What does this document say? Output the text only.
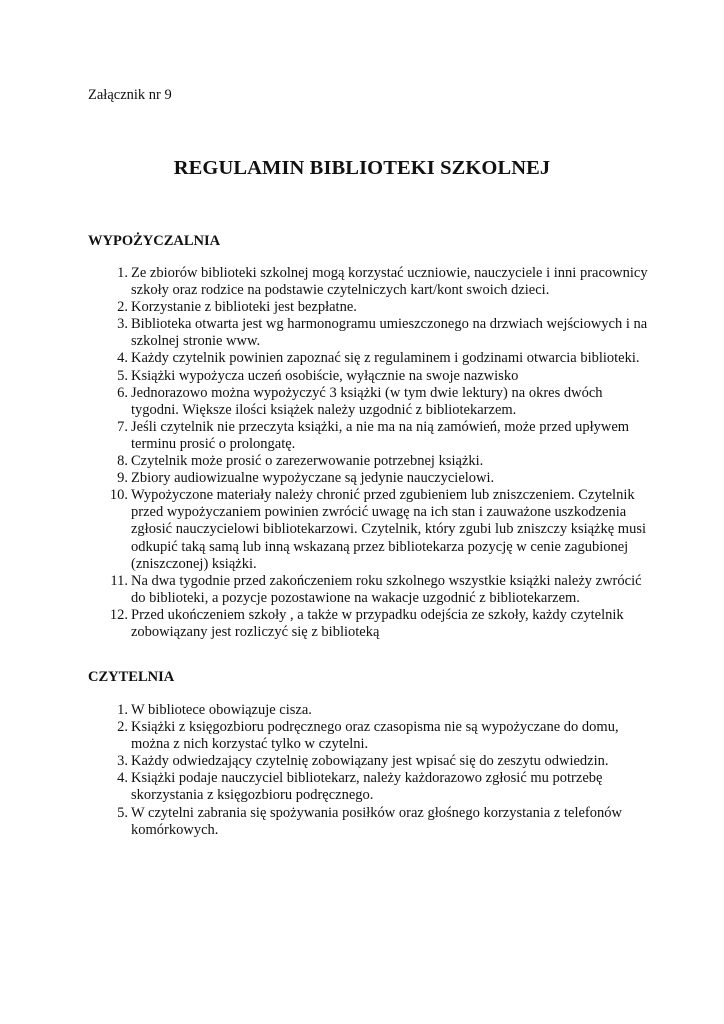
Załącznik nr 9

REGULAMIN BIBLIOTEKI SZKOLNEJ
WYPOŻYCZALNIA
1. Ze zbiorów biblioteki szkolnej mogą korzystać uczniowie, nauczyciele i inni pracownicy szkoły oraz rodzice na podstawie czytelniczych kart/kont swoich dzieci.
2. Korzystanie z biblioteki jest bezpłatne.
3. Biblioteka otwarta jest wg harmonogramu umieszczonego na drzwiach wejściowych i na szkolnej stronie www.
4. Każdy czytelnik powinien zapoznać się z regulaminem i godzinami otwarcia biblioteki.
5. Książki wypożycza uczeń osobiście, wyłącznie na swoje nazwisko
6. Jednorazowo można wypożyczyć 3 książki (w tym dwie lektury) na okres dwóch tygodni. Większe ilości książek należy uzgodnić z bibliotekarzem.
7. Jeśli czytelnik nie przeczyta książki, a nie ma na nią zamówień, może przed upływem terminu prosić o prolongatę.
8. Czytelnik może prosić o zarezerwowanie potrzebnej książki.
9. Zbiory audiowizualne wypożyczane są jedynie nauczycielowi.
10. Wypożyczone materiały należy chronić przed zgubieniem lub zniszczeniem. Czytelnik przed wypożyczaniem powinien zwrócić uwagę na ich stan i zauważone uszkodzenia zgłosić nauczycielowi bibliotekarzowi. Czytelnik, który zgubi lub zniszczy książkę musi odkupić taką samą lub inną wskazaną przez bibliotekarza pozycję w cenie zagubionej (zniszczonej) książki.
11. Na dwa tygodnie przed zakończeniem roku szkolnego wszystkie książki należy zwrócić do biblioteki, a pozycje pozostawione na wakacje uzgodnić z bibliotekarzem.
12. Przed ukończeniem szkoły , a także w przypadku odejścia ze szkoły, każdy czytelnik zobowiązany jest rozliczyć się z biblioteką
CZYTELNIA
1. W bibliotece obowiązuje cisza.
2. Książki z księgozbioru podręcznego oraz czasopisma nie są wypożyczane do domu, można z nich korzystać tylko w czytelni.
3. Każdy odwiedzający czytelnię zobowiązany jest wpisać się do zeszytu odwiedzin.
4. Książki podaje nauczyciel bibliotekarz, należy każdorazowo zgłosić mu potrzebę skorzystania z księgozbioru podręcznego.
5. W czytelni zabrania się spożywania posiłków oraz głośnego korzystania z telefonów komórkowych.
